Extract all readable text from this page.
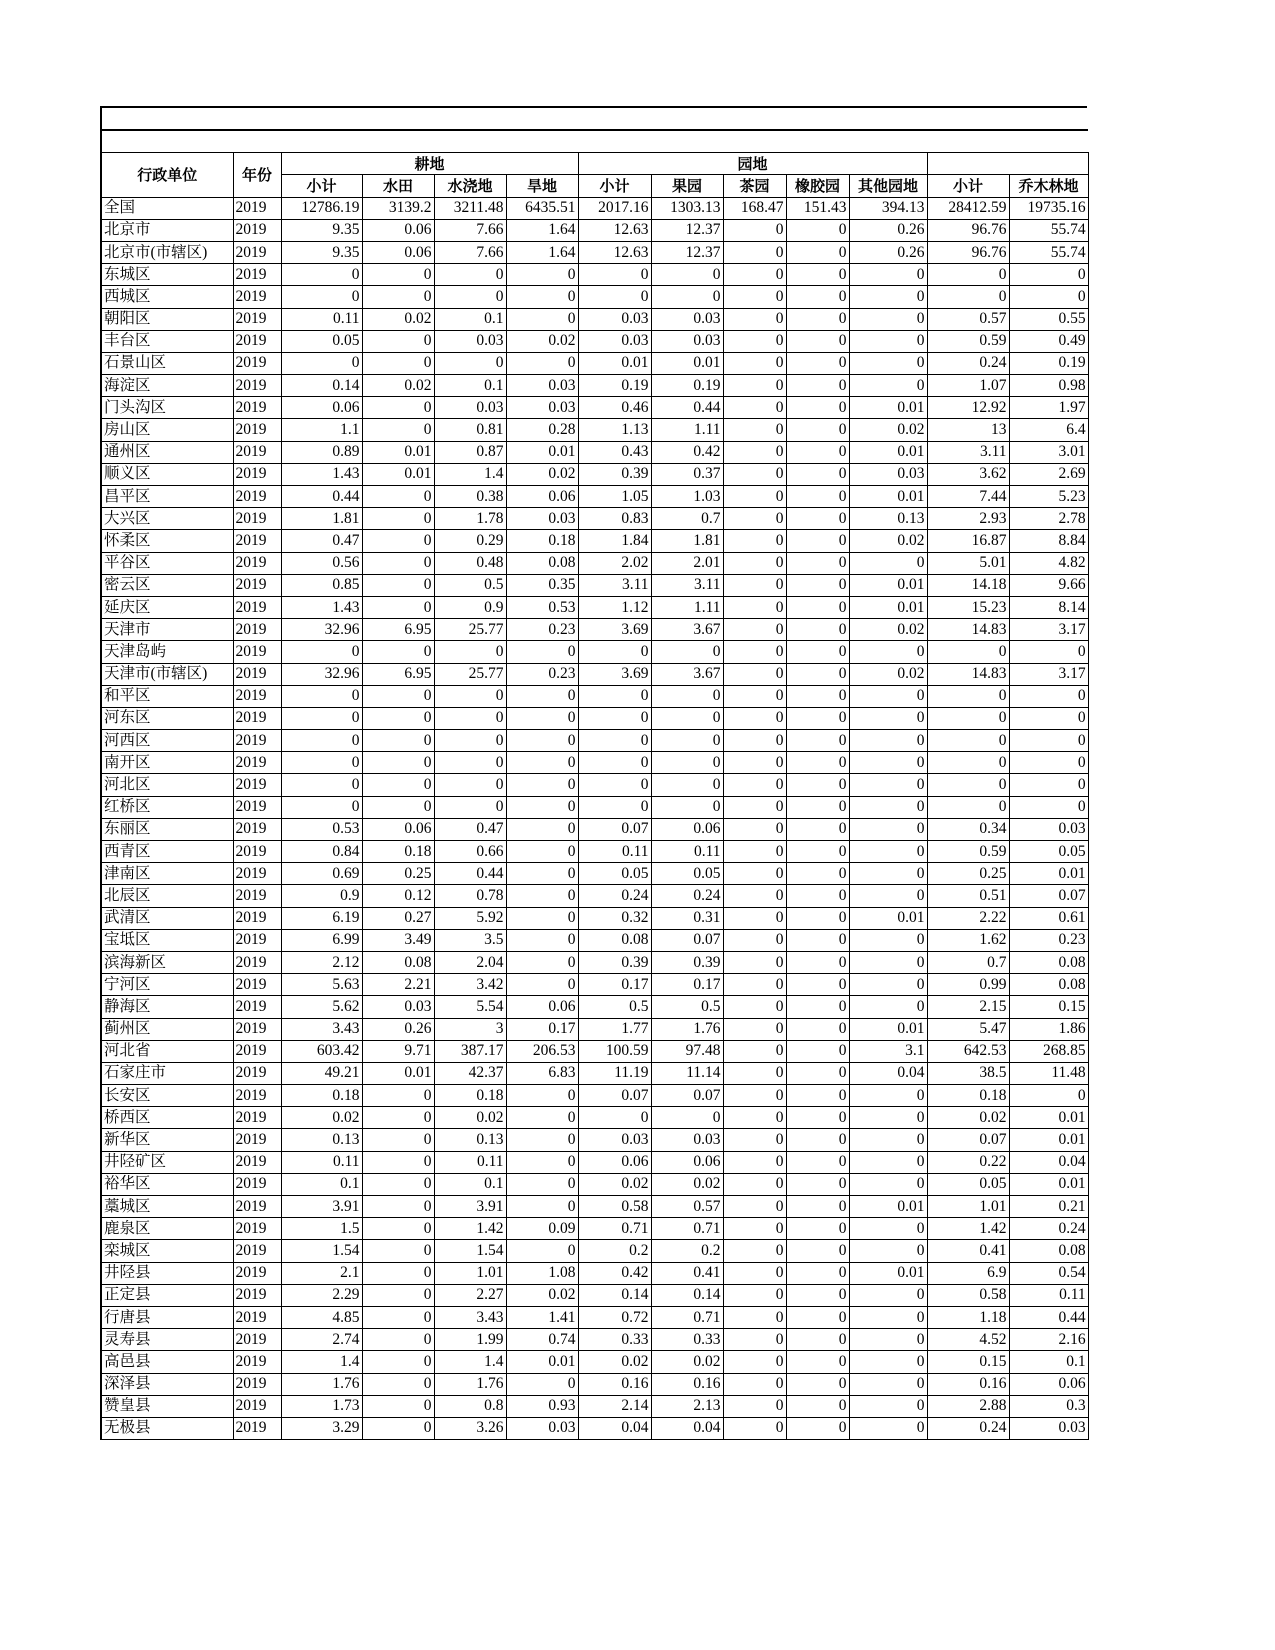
行政单位	年份	耕地				园地						
		小计	水田	水浇地	旱地	小计	果园	茶园	橡胶园	其他园地	小计	乔木林地
全国	2019	12786.19	3139.2	3211.48	6435.51	2017.16	1303.13	168.47	151.43	394.13	28412.59	19735.16
北京市	2019	9.35	0.06	7.66	1.64	12.63	12.37	0	0	0.26	96.76	55.74
北京市(市辖区)	2019	9.35	0.06	7.66	1.64	12.63	12.37	0	0	0.26	96.76	55.74
东城区	2019	0	0	0	0	0	0	0	0	0	0	0
西城区	2019	0	0	0	0	0	0	0	0	0	0	0
朝阳区	2019	0.11	0.02	0.1	0	0.03	0.03	0	0	0	0.57	0.55
丰台区	2019	0.05	0	0.03	0.02	0.03	0.03	0	0	0	0.59	0.49
石景山区	2019	0	0	0	0	0.01	0.01	0	0	0	0.24	0.19
海淀区	2019	0.14	0.02	0.1	0.03	0.19	0.19	0	0	0	1.07	0.98
门头沟区	2019	0.06	0	0.03	0.03	0.46	0.44	0	0	0.01	12.92	1.97
房山区	2019	1.1	0	0.81	0.28	1.13	1.11	0	0	0.02	13	6.4
通州区	2019	0.89	0.01	0.87	0.01	0.43	0.42	0	0	0.01	3.11	3.01
顺义区	2019	1.43	0.01	1.4	0.02	0.39	0.37	0	0	0.03	3.62	2.69
昌平区	2019	0.44	0	0.38	0.06	1.05	1.03	0	0	0.01	7.44	5.23
大兴区	2019	1.81	0	1.78	0.03	0.83	0.7	0	0	0.13	2.93	2.78
怀柔区	2019	0.47	0	0.29	0.18	1.84	1.81	0	0	0.02	16.87	8.84
平谷区	2019	0.56	0	0.48	0.08	2.02	2.01	0	0	0	5.01	4.82
密云区	2019	0.85	0	0.5	0.35	3.11	3.11	0	0	0.01	14.18	9.66
延庆区	2019	1.43	0	0.9	0.53	1.12	1.11	0	0	0.01	15.23	8.14
天津市	2019	32.96	6.95	25.77	0.23	3.69	3.67	0	0	0.02	14.83	3.17
天津岛屿	2019	0	0	0	0	0	0	0	0	0	0	0
天津市(市辖区)	2019	32.96	6.95	25.77	0.23	3.69	3.67	0	0	0.02	14.83	3.17
和平区	2019	0	0	0	0	0	0	0	0	0	0	0
河东区	2019	0	0	0	0	0	0	0	0	0	0	0
河西区	2019	0	0	0	0	0	0	0	0	0	0	0
南开区	2019	0	0	0	0	0	0	0	0	0	0	0
河北区	2019	0	0	0	0	0	0	0	0	0	0	0
红桥区	2019	0	0	0	0	0	0	0	0	0	0	0
东丽区	2019	0.53	0.06	0.47	0	0.07	0.06	0	0	0	0.34	0.03
西青区	2019	0.84	0.18	0.66	0	0.11	0.11	0	0	0	0.59	0.05
津南区	2019	0.69	0.25	0.44	0	0.05	0.05	0	0	0	0.25	0.01
北辰区	2019	0.9	0.12	0.78	0	0.24	0.24	0	0	0	0.51	0.07
武清区	2019	6.19	0.27	5.92	0	0.32	0.31	0	0	0.01	2.22	0.61
宝坻区	2019	6.99	3.49	3.5	0	0.08	0.07	0	0	0	1.62	0.23
滨海新区	2019	2.12	0.08	2.04	0	0.39	0.39	0	0	0	0.7	0.08
宁河区	2019	5.63	2.21	3.42	0	0.17	0.17	0	0	0	0.99	0.08
静海区	2019	5.62	0.03	5.54	0.06	0.5	0.5	0	0	0	2.15	0.15
蓟州区	2019	3.43	0.26	3	0.17	1.77	1.76	0	0	0.01	5.47	1.86
河北省	2019	603.42	9.71	387.17	206.53	100.59	97.48	0	0	3.1	642.53	268.85
石家庄市	2019	49.21	0.01	42.37	6.83	11.19	11.14	0	0	0.04	38.5	11.48
长安区	2019	0.18	0	0.18	0	0.07	0.07	0	0	0	0.18	0
桥西区	2019	0.02	0	0.02	0	0	0	0	0	0	0.02	0.01
新华区	2019	0.13	0	0.13	0	0.03	0.03	0	0	0	0.07	0.01
井陉矿区	2019	0.11	0	0.11	0	0.06	0.06	0	0	0	0.22	0.04
裕华区	2019	0.1	0	0.1	0	0.02	0.02	0	0	0	0.05	0.01
藁城区	2019	3.91	0	3.91	0	0.58	0.57	0	0	0.01	1.01	0.21
鹿泉区	2019	1.5	0	1.42	0.09	0.71	0.71	0	0	0	1.42	0.24
栾城区	2019	1.54	0	1.54	0	0.2	0.2	0	0	0	0.41	0.08
井陉县	2019	2.1	0	1.01	1.08	0.42	0.41	0	0	0.01	6.9	0.54
正定县	2019	2.29	0	2.27	0.02	0.14	0.14	0	0	0	0.58	0.11
行唐县	2019	4.85	0	3.43	1.41	0.72	0.71	0	0	0	1.18	0.44
灵寿县	2019	2.74	0	1.99	0.74	0.33	0.33	0	0	0	4.52	2.16
高邑县	2019	1.4	0	1.4	0.01	0.02	0.02	0	0	0	0.15	0.1
深泽县	2019	1.76	0	1.76	0	0.16	0.16	0	0	0	0.16	0.06
赞皇县	2019	1.73	0	0.8	0.93	2.14	2.13	0	0	0	2.88	0.3
无极县	2019	3.29	0	3.26	0.03	0.04	0.04	0	0	0	0.24	0.03
